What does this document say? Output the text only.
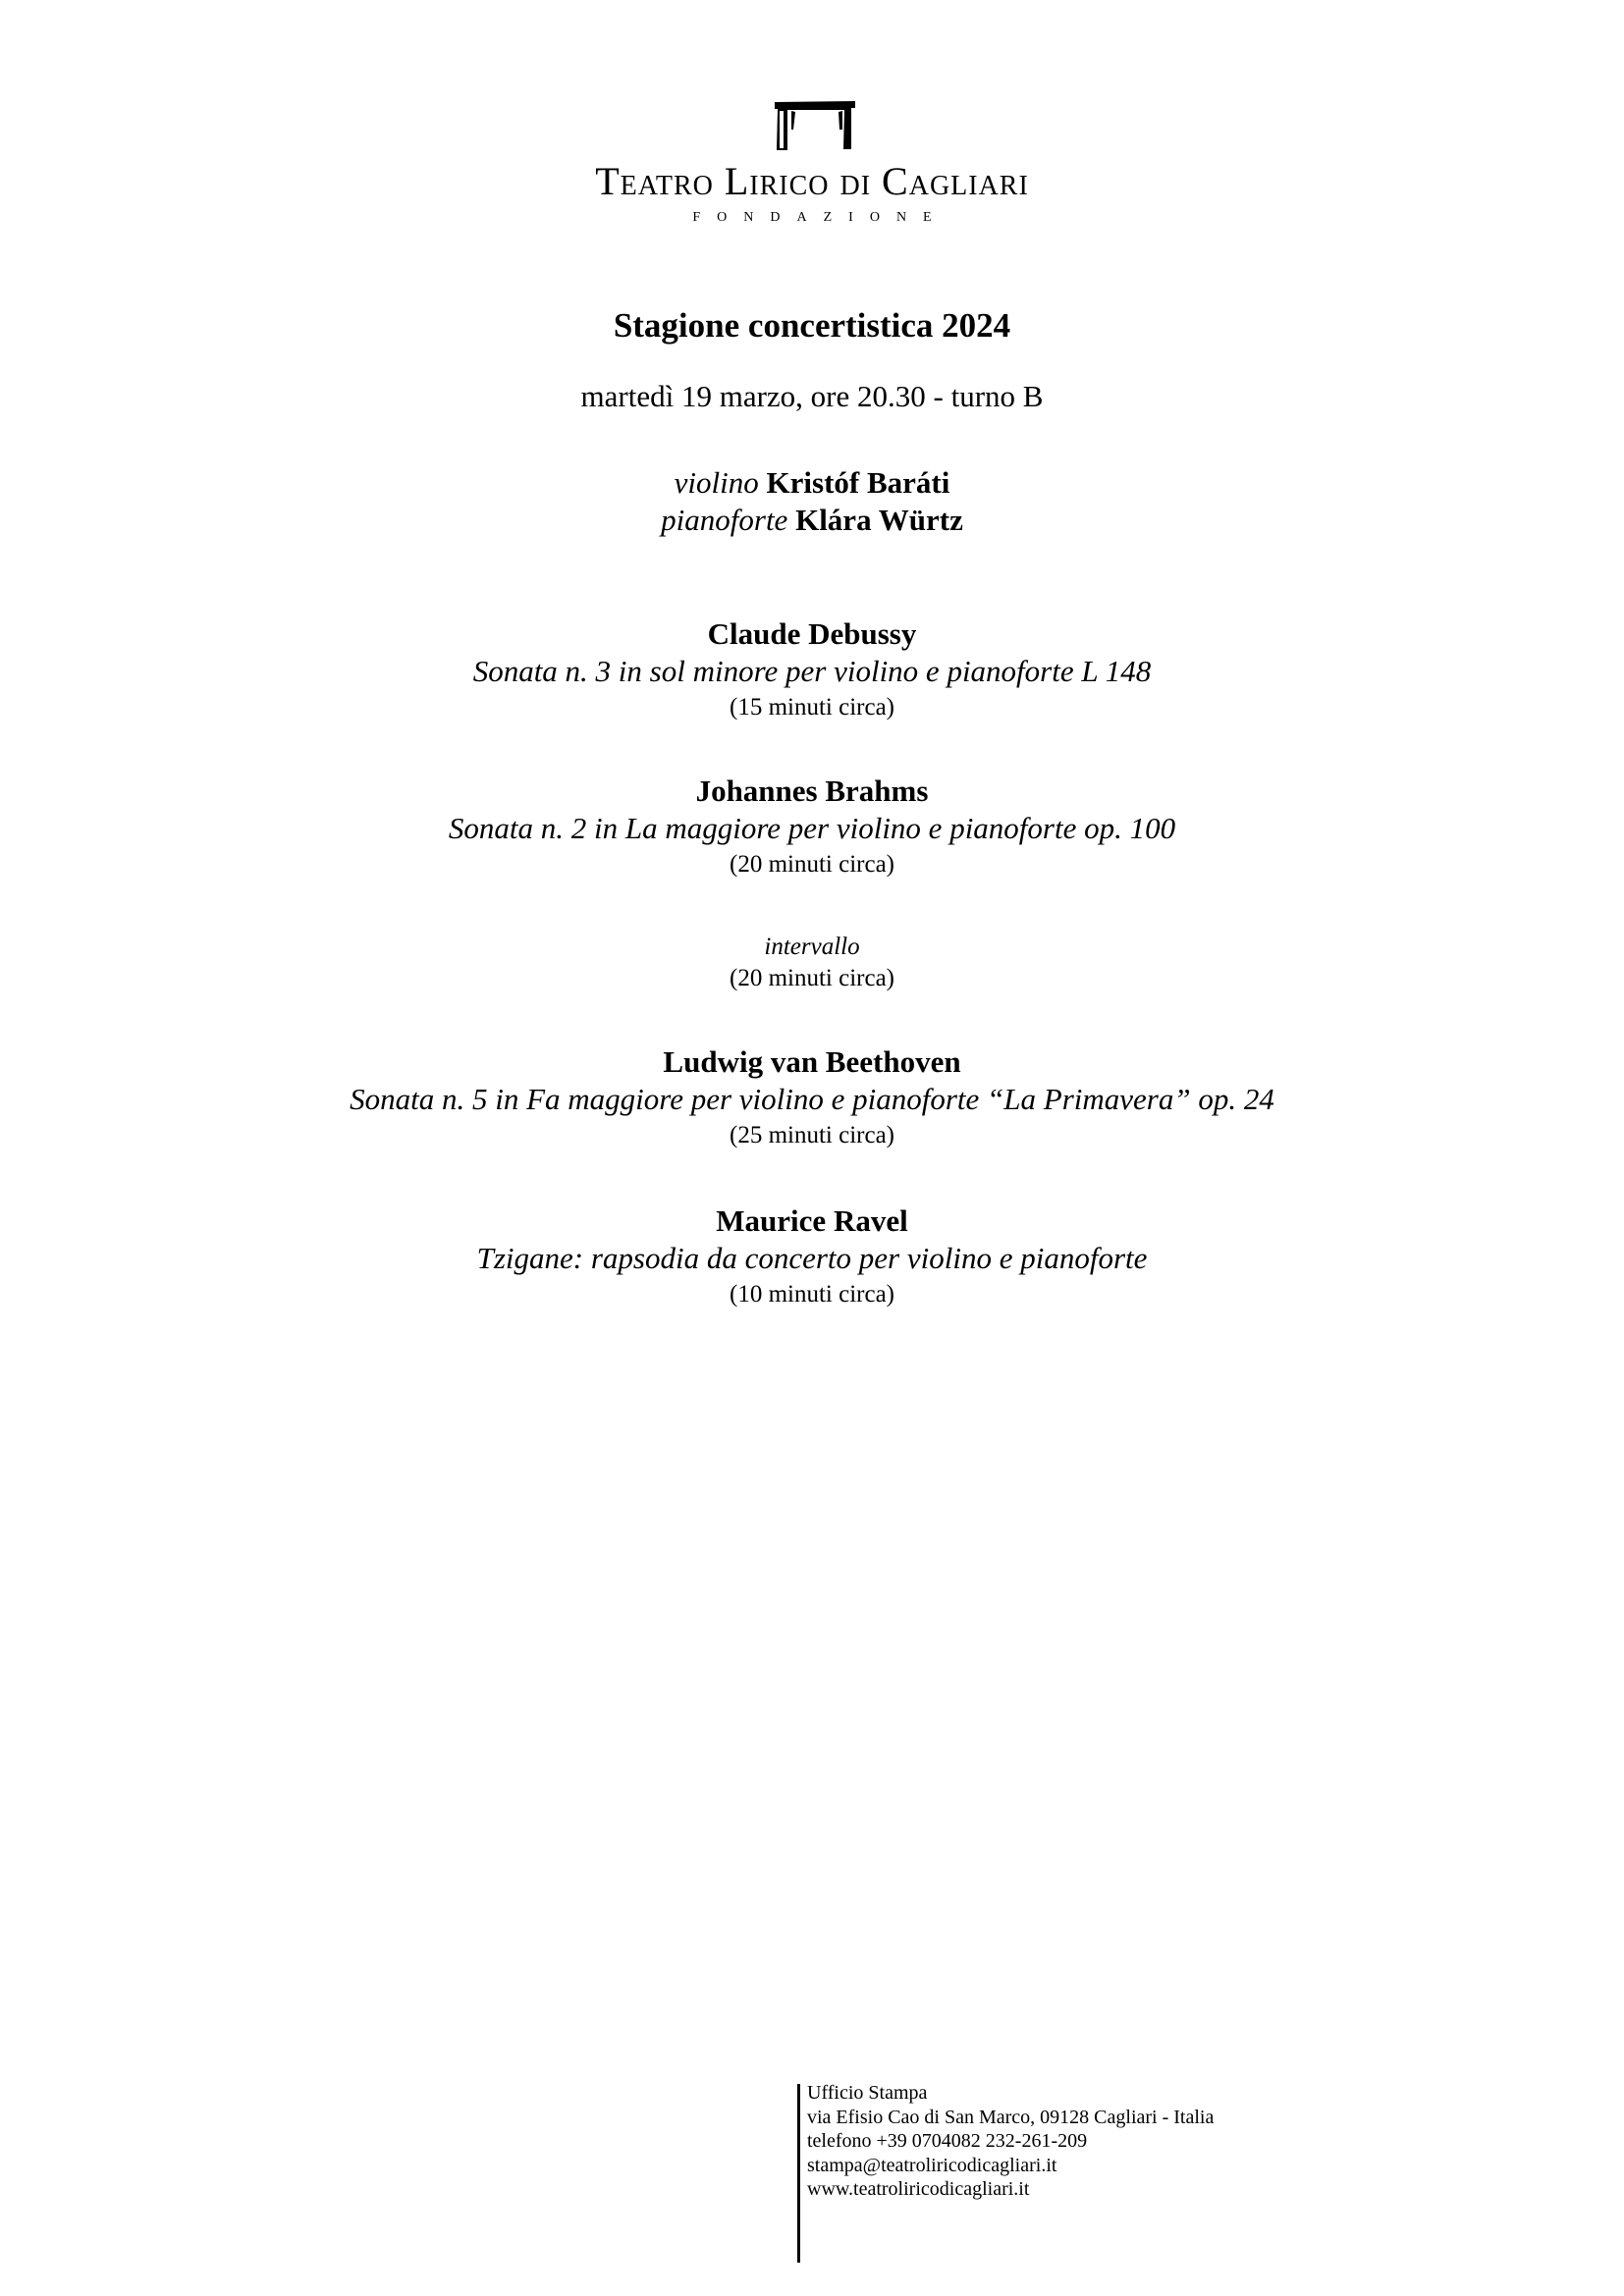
Teatro Lirico di Cagliari
FONDAZIONE
Stagione concertistica 2024
martedì 19 marzo, ore 20.30 - turno B
violino Kristóf Baráti
pianoforte Klára Würtz
Claude Debussy
Sonata n. 3 in sol minore per violino e pianoforte L 148
(15 minuti circa)
Johannes Brahms
Sonata n. 2 in La maggiore per violino e pianoforte op. 100
(20 minuti circa)
intervallo
(20 minuti circa)
Ludwig van Beethoven
Sonata n. 5 in Fa maggiore per violino e pianoforte “La Primavera” op. 24
(25 minuti circa)
Maurice Ravel
Tzigane: rapsodia da concerto per violino e pianoforte
(10 minuti circa)
Ufficio Stampa
via Efisio Cao di San Marco, 09128 Cagliari - Italia
telefono +39 0704082 232-261-209
stampa@teatroliricodicagliari.it
www.teatroliricodicagliari.it
